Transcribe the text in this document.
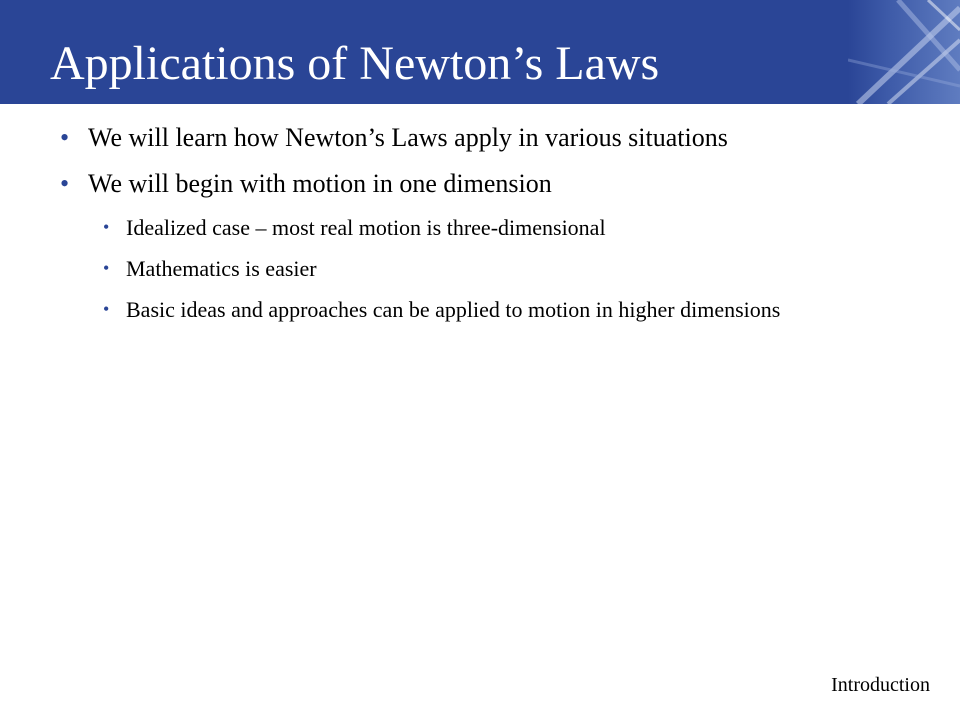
Applications of Newton’s Laws
• We will learn how Newton’s Laws apply in various situations
• We will begin with motion in one dimension
• Idealized case – most real motion is three-dimensional
• Mathematics is easier
• Basic ideas and approaches can be applied to motion in higher dimensions
Introduction
